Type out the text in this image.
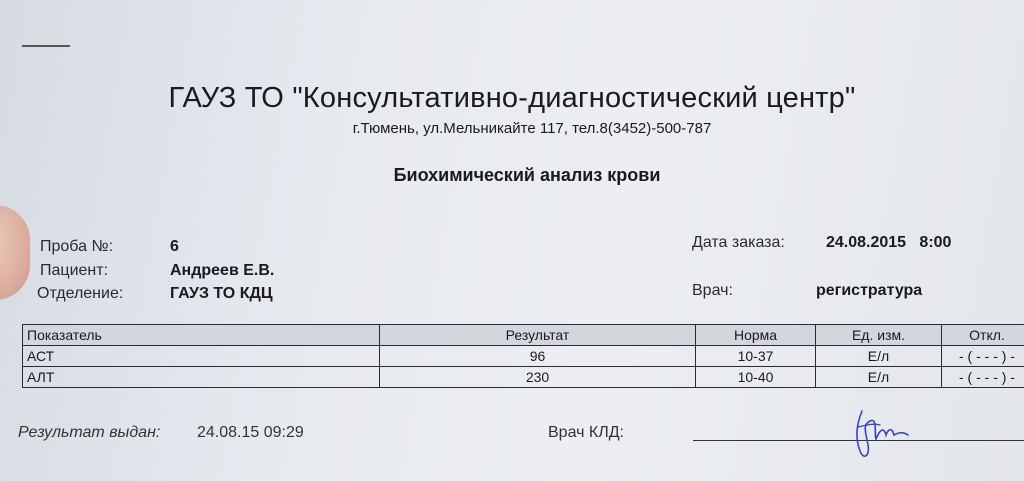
ГАУЗ ТО "Консультативно-диагностический центр"
г.Тюмень, ул.Мельникайте 117, тел.8(3452)-500-787
Биохимический анализ крови
Проба №:	6
Пациент:	Андреев Е.В.
Отделение:	ГАУЗ ТО КДЦ
Дата заказа:	24.08.2015   8:00
Врач:	регистратура
Показатель	Результат	Норма	Ед. изм.	Откл.
АСТ	96	10-37	Е/л	- ( - - - ) -
АЛТ	230	10-40	Е/л	- ( - - - ) -
Результат выдан: 24.08.15 09:29	Врач КЛД:
